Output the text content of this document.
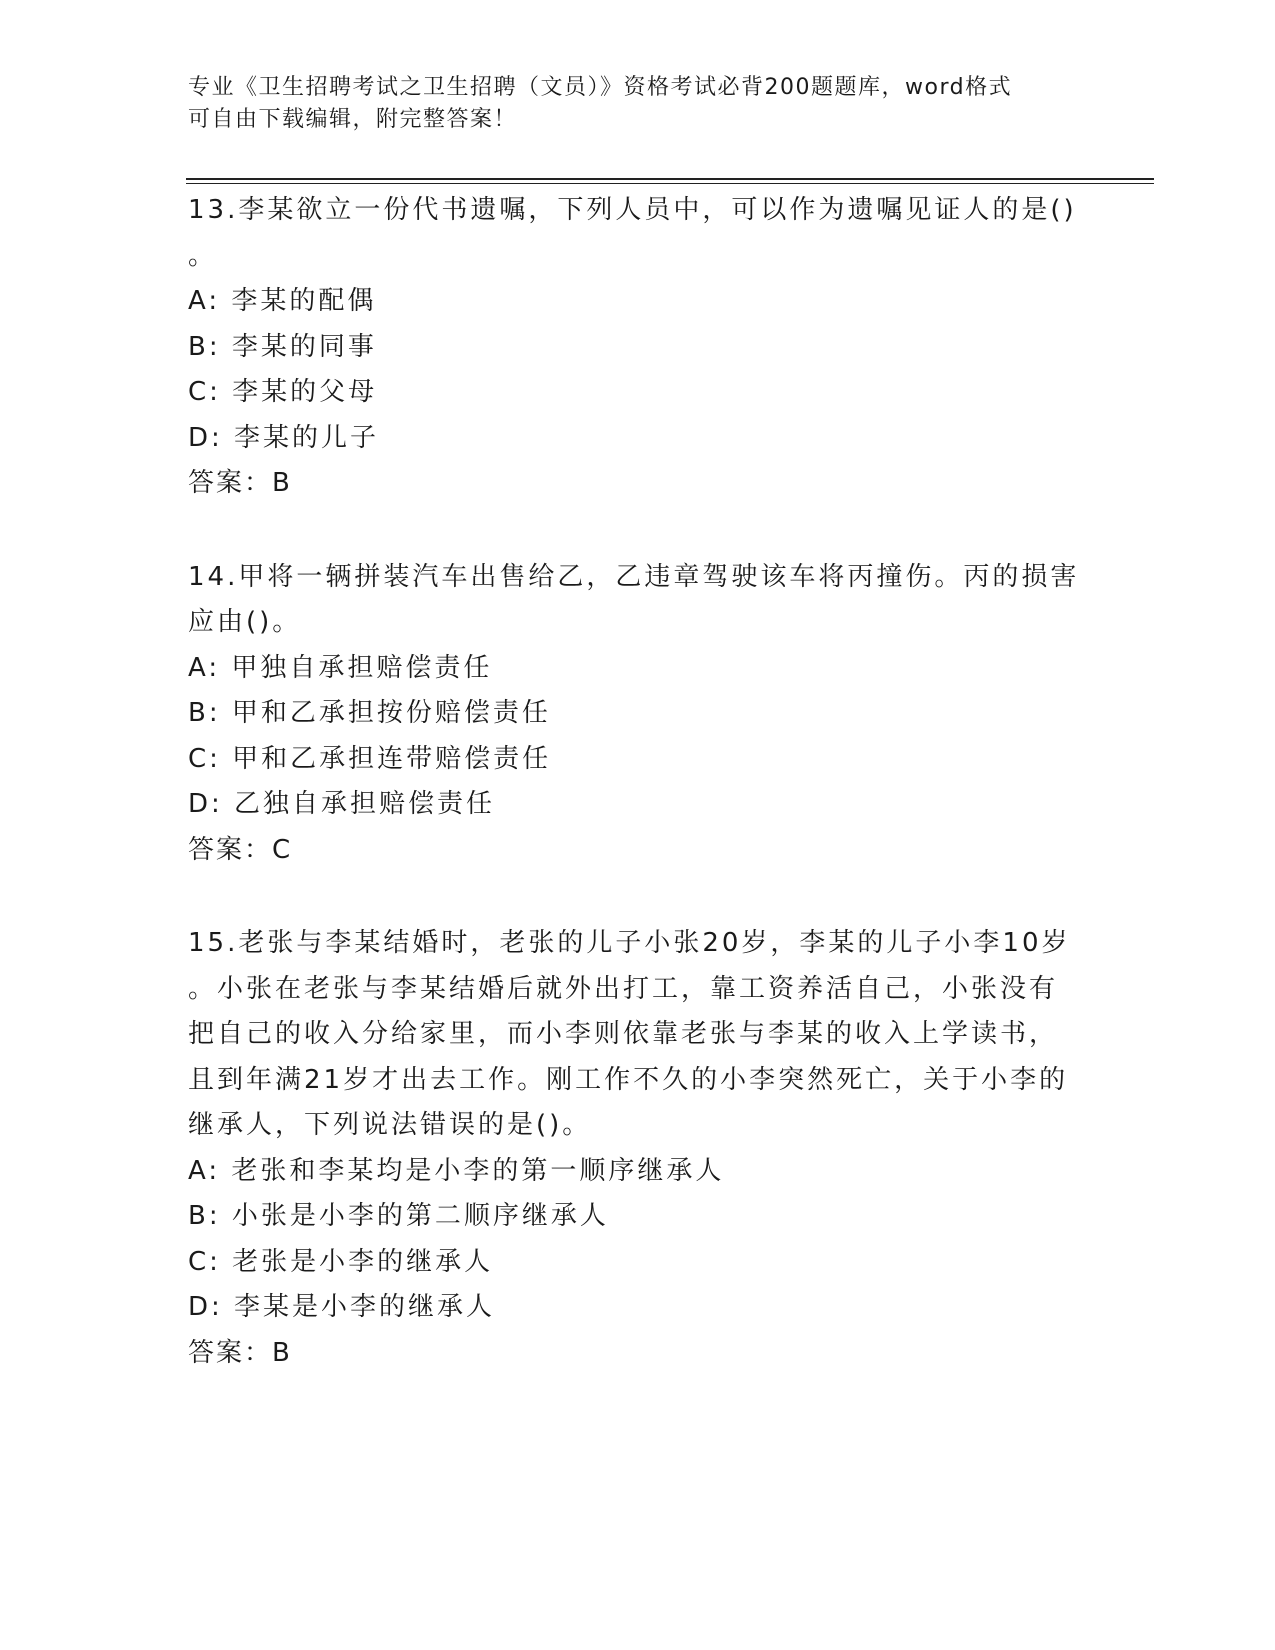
专业《卫生招聘考试之卫生招聘（文员）》资格考试必背200题题库，word格式
可自由下载编辑，附完整答案！

13.李某欲立一份代书遗嘱，下列人员中，可以作为遗嘱见证人的是()

。

A: 李某的配偶

B: 李某的同事

C: 李某的父母

D: 李某的儿子

答案：B

14.甲将一辆拼装汽车出售给乙，乙违章驾驶该车将丙撞伤。丙的损害

应由()。

A: 甲独自承担赔偿责任

B: 甲和乙承担按份赔偿责任

C: 甲和乙承担连带赔偿责任

D: 乙独自承担赔偿责任

答案：C

15.老张与李某结婚时，老张的儿子小张20岁，李某的儿子小李10岁

。小张在老张与李某结婚后就外出打工，靠工资养活自己，小张没有

把自己的收入分给家里，而小李则依靠老张与李某的收入上学读书，

且到年满21岁才出去工作。刚工作不久的小李突然死亡，关于小李的

继承人，下列说法错误的是()。

A: 老张和李某均是小李的第一顺序继承人

B: 小张是小李的第二顺序继承人

C: 老张是小李的继承人

D: 李某是小李的继承人

答案：B
